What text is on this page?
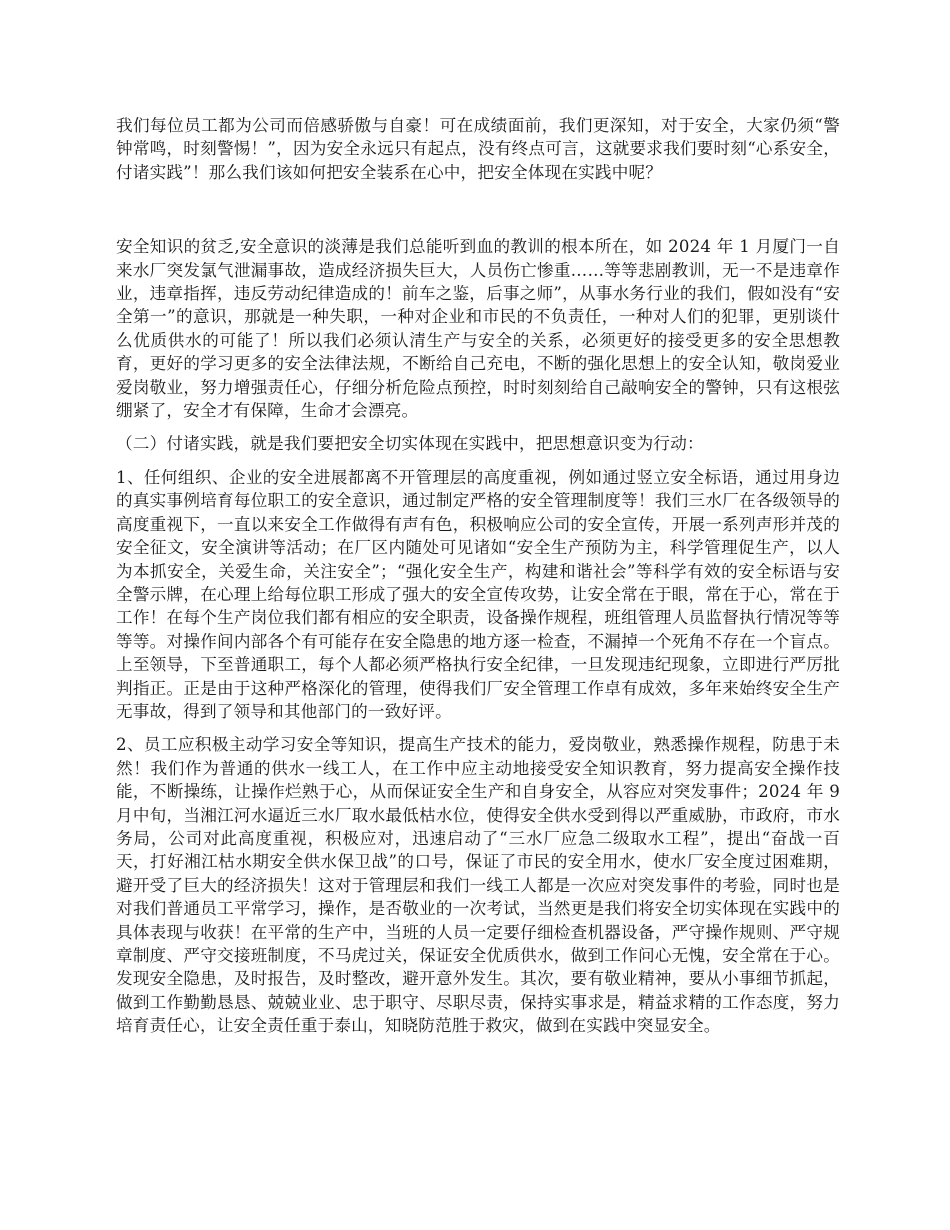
我们每位员工都为公司而倍感骄傲与自豪！可在成绩面前，我们更深知，对于安全，大家仍须“警钟常鸣，时刻警惕！”，因为安全永远只有起点，没有终点可言，这就要求我们要时刻“心系安全，付诸实践”！那么我们该如何把安全装系在心中，把安全体现在实践中呢？

安全知识的贫乏,安全意识的淡薄是我们总能听到血的教训的根本所在，如 2024 年 1 月厦门一自来水厂突发氯气泄漏事故，造成经济损失巨大，人员伤亡惨重……等等悲剧教训，无一不是违章作业，违章指挥，违反劳动纪律造成的！前车之鉴，后事之师”，从事水务行业的我们，假如没有“安全第一”的意识，那就是一种失职，一种对企业和市民的不负责任，一种对人们的犯罪，更别谈什么优质供水的可能了！所以我们必须认清生产与安全的关系，必须更好的接受更多的安全思想教育，更好的学习更多的安全法律法规，不断给自己充电，不断的强化思想上的安全认知，敬岗爱业爱岗敬业，努力增强责任心，仔细分析危险点预控，时时刻刻给自己敲响安全的警钟，只有这根弦绷紧了，安全才有保障，生命才会漂亮。

（二）付诸实践，就是我们要把安全切实体现在实践中，把思想意识变为行动：

1、任何组织、企业的安全进展都离不开管理层的高度重视，例如通过竖立安全标语，通过用身边的真实事例培育每位职工的安全意识，通过制定严格的安全管理制度等！我们三水厂在各级领导的高度重视下，一直以来安全工作做得有声有色，积极响应公司的安全宣传，开展一系列声形并茂的安全征文，安全演讲等活动；在厂区内随处可见诸如“安全生产预防为主，科学管理促生产，以人为本抓安全，关爱生命，关注安全”；“强化安全生产，构建和谐社会”等科学有效的安全标语与安全警示牌，在心理上给每位职工形成了强大的安全宣传攻势，让安全常在于眼，常在于心，常在于工作！在每个生产岗位我们都有相应的安全职责，设备操作规程，班组管理人员监督执行情况等等等等。对操作间内部各个有可能存在安全隐患的地方逐一检查，不漏掉一个死角不存在一个盲点。上至领导，下至普通职工，每个人都必须严格执行安全纪律，一旦发现违纪现象，立即进行严厉批判指正。正是由于这种严格深化的管理，使得我们厂安全管理工作卓有成效，多年来始终安全生产无事故，得到了领导和其他部门的一致好评。

2、员工应积极主动学习安全等知识，提高生产技术的能力，爱岗敬业，熟悉操作规程，防患于未然！我们作为普通的供水一线工人，在工作中应主动地接受安全知识教育，努力提高安全操作技能，不断操练，让操作烂熟于心，从而保证安全生产和自身安全，从容应对突发事件；2024 年 9 月中旬，当湘江河水逼近三水厂取水最低枯水位，使得安全供水受到得以严重威胁，市政府，市水务局，公司对此高度重视，积极应对，迅速启动了“三水厂应急二级取水工程”，提出“奋战一百天，打好湘江枯水期安全供水保卫战”的口号，保证了市民的安全用水，使水厂安全度过困难期，避开受了巨大的经济损失！这对于管理层和我们一线工人都是一次应对突发事件的考验，同时也是对我们普通员工平常学习，操作，是否敬业的一次考试，当然更是我们将安全切实体现在实践中的具体表现与收获！在平常的生产中，当班的人员一定要仔细检查机器设备，严守操作规则、严守规章制度、严守交接班制度，不马虎过关，保证安全优质供水，做到工作问心无愧，安全常在于心。发现安全隐患，及时报告，及时整改，避开意外发生。其次，要有敬业精神，要从小事细节抓起，做到工作勤勤恳恳、兢兢业业、忠于职守、尽职尽责，保持实事求是，精益求精的工作态度，努力培育责任心，让安全责任重于泰山，知晓防范胜于救灾，做到在实践中突显安全。
